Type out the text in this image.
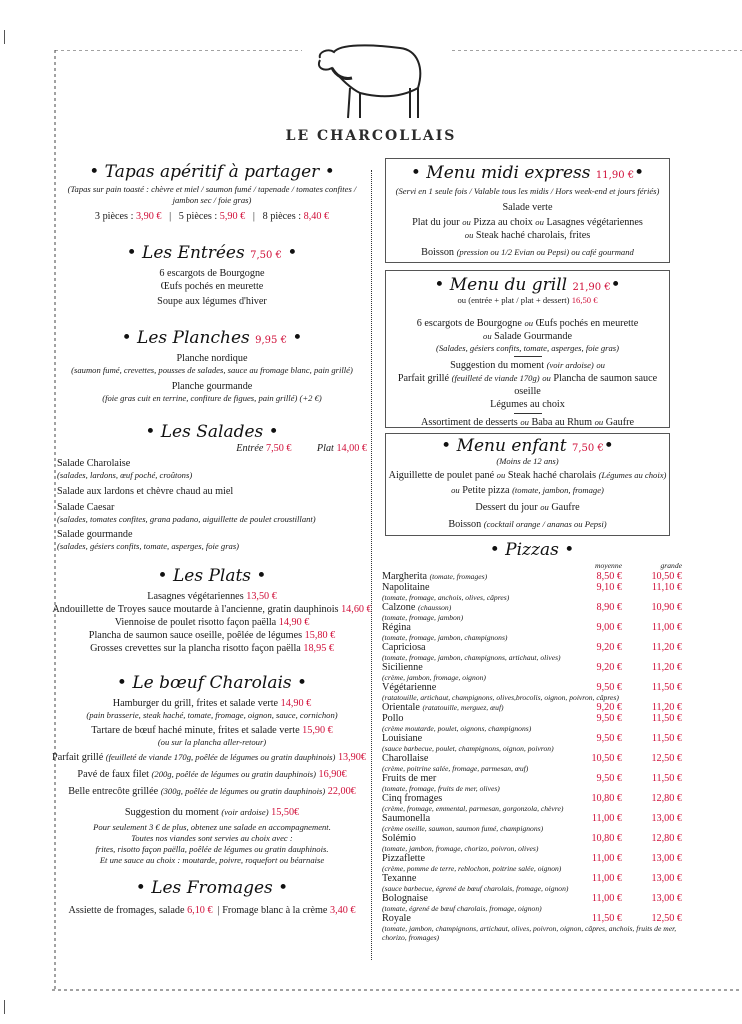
LE CHARCOLLAIS
• Tapas apéritif à partager •
(Tapas sur pain toasté : chèvre et miel / saumon fumé / tapenade / tomates confites / jambon sec / foie gras)
3 pièces : 3,90 €   |   5 pièces : 5,90 €   |   8 pièces : 8,40 €
• Les Entrées 7,50 € •
6 escargots de Bourgogne
Œufs pochés en meurette
Soupe aux légumes d'hiver
• Les Planches 9,95 € •
Planche nordique
(saumon fumé, crevettes, pousses de salades, sauce au fromage blanc, pain grillé)
Planche gourmande
(foie gras cuit en terrine, confiture de figues, pain grillé) (+2 €)
• Les Salades •
Entrée 7,50 € Plat 14,00 €
Salade Charolaise
(salades, lardons, œuf poché, croûtons)
Salade aux lardons et chèvre chaud au miel
Salade Caesar
(salades, tomates confites, grana padano, aiguillette de poulet croustillant)
Salade gourmande
(salades, gésiers confits, tomate, asperges, foie gras)
• Les Plats •
Lasagnes végétariennes 13,50 €
Andouillette de Troyes sauce moutarde à l'ancienne, gratin dauphinois 14,60 €
Viennoise de poulet risotto façon paëlla 14,90 €
Plancha de saumon sauce oseille, poêlée de légumes 15,80 €
Grosses crevettes sur la plancha risotto façon paëlla 18,95 €
• Le bœuf Charolais •
Hamburger du grill, frites et salade verte 14,90 €
(pain brasserie, steak haché, tomate, fromage, oignon, sauce, cornichon)
Tartare de bœuf haché minute, frites et salade verte 15,90 €
(ou sur la plancha aller-retour)
Parfait grillé (feuilleté de viande 170g, poêlée de légumes ou gratin dauphinois) 13,90€
Pavé de faux filet (200g, poêlée de légumes ou gratin dauphinois) 16,90€
Belle entrecôte grillée (300g, poêlée de légumes ou gratin dauphinois) 22,00€
Suggestion du moment (voir ardoise) 15,50€
Pour seulement 3 € de plus, obtenez une salade en accompagnement.
Toutes nos viandes sont servies au choix avec :
frites, risotto façon paëlla, poêlée de légumes ou gratin dauphinois.
Et une sauce au choix : moutarde, poivre, roquefort ou béarnaise
• Les Fromages •
Assiette de fromages, salade 6,10 € | Fromage blanc à la crème 3,40 €
• Menu midi express 11,90 €•
(Servi en 1 seule fois / Valable tous les midis / Hors week-end et jours fériés)
Salade verte
Plat du jour ou Pizza au choix ou Lasagnes végétariennes
ou Steak haché charolais, frites
Boisson (pression ou 1/2 Evian ou Pepsi) ou café gourmand
• Menu du grill 21,90 €•
ou (entrée + plat / plat + dessert) 16,50 €
6 escargots de Bourgogne ou Œufs pochés en meurette
ou Salade Gourmande
(Salades, gésiers confits, tomate, asperges, foie gras)
Suggestion du moment (voir ardoise) ou
Parfait grillé (feuilleté de viande 170g) ou Plancha de saumon sauce oseille
Légumes au choix
Assortiment de desserts ou Baba au Rhum ou Gaufre
• Menu enfant 7,50 €•
(Moins de 12 ans)
Aiguillette de poulet pané ou Steak haché charolais (Légumes au choix)
ou Petite pizza (tomate, jambon, fromage)
Dessert du jour ou Gaufre
Boisson (cocktail orange / ananas ou Pepsi)
• Pizzas •
moyenne	grande
Margherita (tomate, fromages)	8,50 €	10,50 €
Napolitaine	9,10 €	11,10 €
(tomate, fromage, anchois, olives, câpres)
Calzone (chausson)	8,90 €	10,90 €
(tomate, fromage, jambon)
Régina	9,00 €	11,00 €
(tomate, fromage, jambon, champignons)
Capriciosa	9,20 €	11,20 €
(tomate, fromage, jambon, champignons, artichaut, olives)
Sicilienne	9,20 €	11,20 €
(crème, jambon, fromage, oignon)
Végétarienne	9,50 €	11,50 €
(ratatouille, artichaut, champignons, olives,brocolis, oignon, poivron, câpres)
Orientale (ratatouille, merguez, œuf)	9,20 €	11,20 €
Pollo	9,50 €	11,50 €
(crème moutarde, poulet, oignons, champignons)
Louisiane	9,50 €	11,50 €
(sauce barbecue, poulet, champignons, oignon, poivron)
Charollaise	10,50 €	12,50 €
(crème, poitrine salée, fromage, parmesan, œuf)
Fruits de mer	9,50 €	11,50 €
(tomate, fromage, fruits de mer, olives)
Cinq fromages	10,80 €	12,80 €
(crème, fromage, emmental, parmesan, gorgonzola, chèvre)
Saumonella	11,00 €	13,00 €
(crème oseille, saumon, saumon fumé, champignons)
Solémio	10,80 €	12,80 €
(tomate, jambon, fromage, chorizo, poivron, olives)
Pizzaflette	11,00 €	13,00 €
(crème, pomme de terre, reblochon, poitrine salée, oignon)
Texanne	11,00 €	13,00 €
(sauce barbecue, égrené de bœuf charolais, fromage, oignon)
Bolognaise	11,00 €	13,00 €
(tomate, égrené de bœuf charolais, fromage, oignon)
Royale	11,50 €	12,50 €
(tomate, jambon, champignons, artichaut, olives, poivron, oignon, câpres, anchois, fruits de mer, chorizo, fromages)
